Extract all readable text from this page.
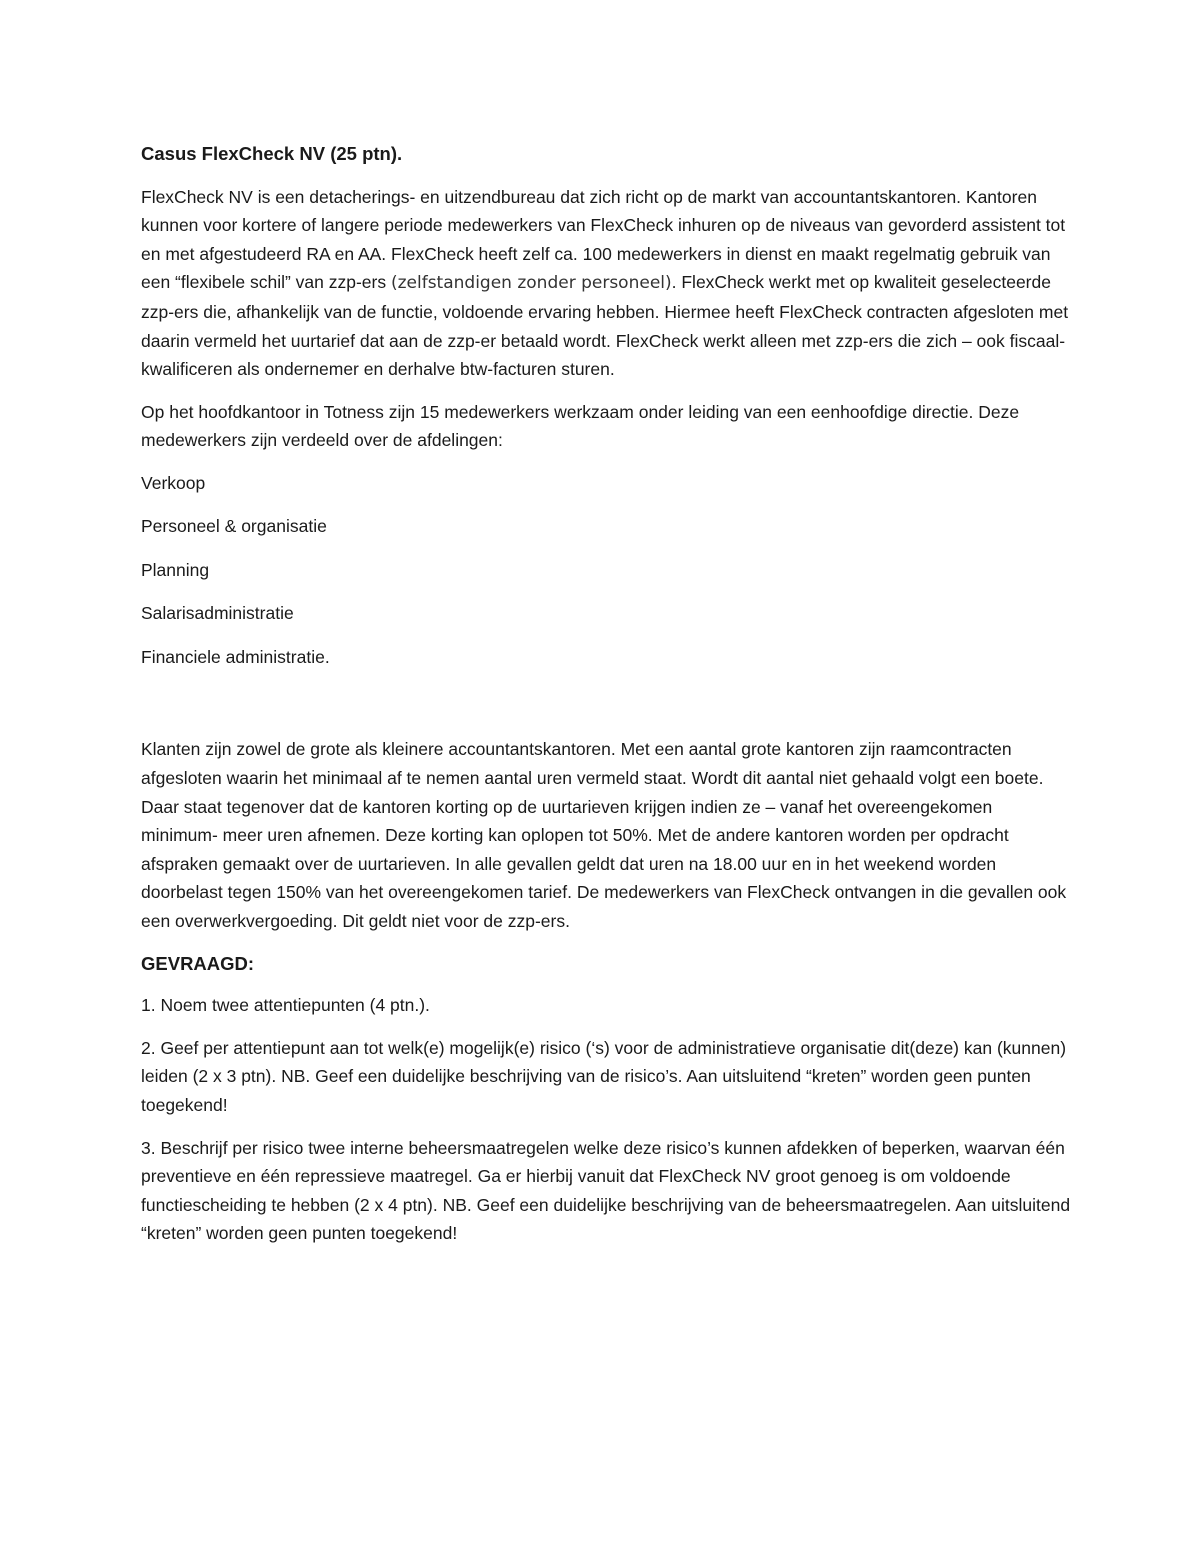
Casus FlexCheck NV (25 ptn).

FlexCheck NV is een detacherings- en uitzendbureau dat zich richt op de markt van accountantskantoren. Kantoren kunnen voor kortere of langere periode medewerkers van FlexCheck inhuren op de niveaus van gevorderd assistent tot en met afgestudeerd RA en AA. FlexCheck heeft zelf ca. 100 medewerkers in dienst en maakt regelmatig gebruik van een “flexibele schil” van zzp-ers (zelfstandigen zonder personeel). FlexCheck werkt met op kwaliteit geselecteerde zzp-ers die, afhankelijk van de functie, voldoende ervaring hebben. Hiermee heeft FlexCheck contracten afgesloten met daarin vermeld het uurtarief dat aan de zzp-er betaald wordt. FlexCheck werkt alleen met zzp-ers die zich – ook fiscaal- kwalificeren als ondernemer en derhalve btw-facturen sturen.

Op het hoofdkantoor in Totness zijn 15 medewerkers werkzaam onder leiding van een eenhoofdige directie. Deze medewerkers zijn verdeeld over de afdelingen:

Verkoop

Personeel & organisatie

Planning

Salarisadministratie

Financiele administratie.

Klanten zijn zowel de grote als kleinere accountantskantoren. Met een aantal grote kantoren zijn raamcontracten afgesloten waarin het minimaal af te nemen aantal uren vermeld staat. Wordt dit aantal niet gehaald volgt een boete. Daar staat tegenover dat de kantoren korting op de uurtarieven krijgen indien ze – vanaf het overeengekomen minimum- meer uren afnemen. Deze korting kan oplopen tot 50%. Met de andere kantoren worden per opdracht afspraken gemaakt over de uurtarieven. In alle gevallen geldt dat uren na 18.00 uur en in het weekend worden doorbelast tegen 150% van het overeengekomen tarief. De medewerkers van FlexCheck ontvangen in die gevallen ook een overwerkvergoeding. Dit geldt niet voor de zzp-ers.

GEVRAAGD:

1. Noem twee attentiepunten (4 ptn.).

2. Geef per attentiepunt aan tot welk(e) mogelijk(e) risico (‘s) voor de administratieve organisatie dit(deze) kan (kunnen) leiden (2 x 3 ptn). NB. Geef een duidelijke beschrijving van de risico’s. Aan uitsluitend “kreten” worden geen punten toegekend!

3. Beschrijf per risico twee interne beheersmaatregelen welke deze risico’s kunnen afdekken of beperken, waarvan één preventieve en één repressieve maatregel. Ga er hierbij vanuit dat FlexCheck NV groot genoeg is om voldoende functiescheiding te hebben (2 x 4 ptn). NB. Geef een duidelijke beschrijving van de beheersmaatregelen. Aan uitsluitend “kreten” worden geen punten toegekend!
